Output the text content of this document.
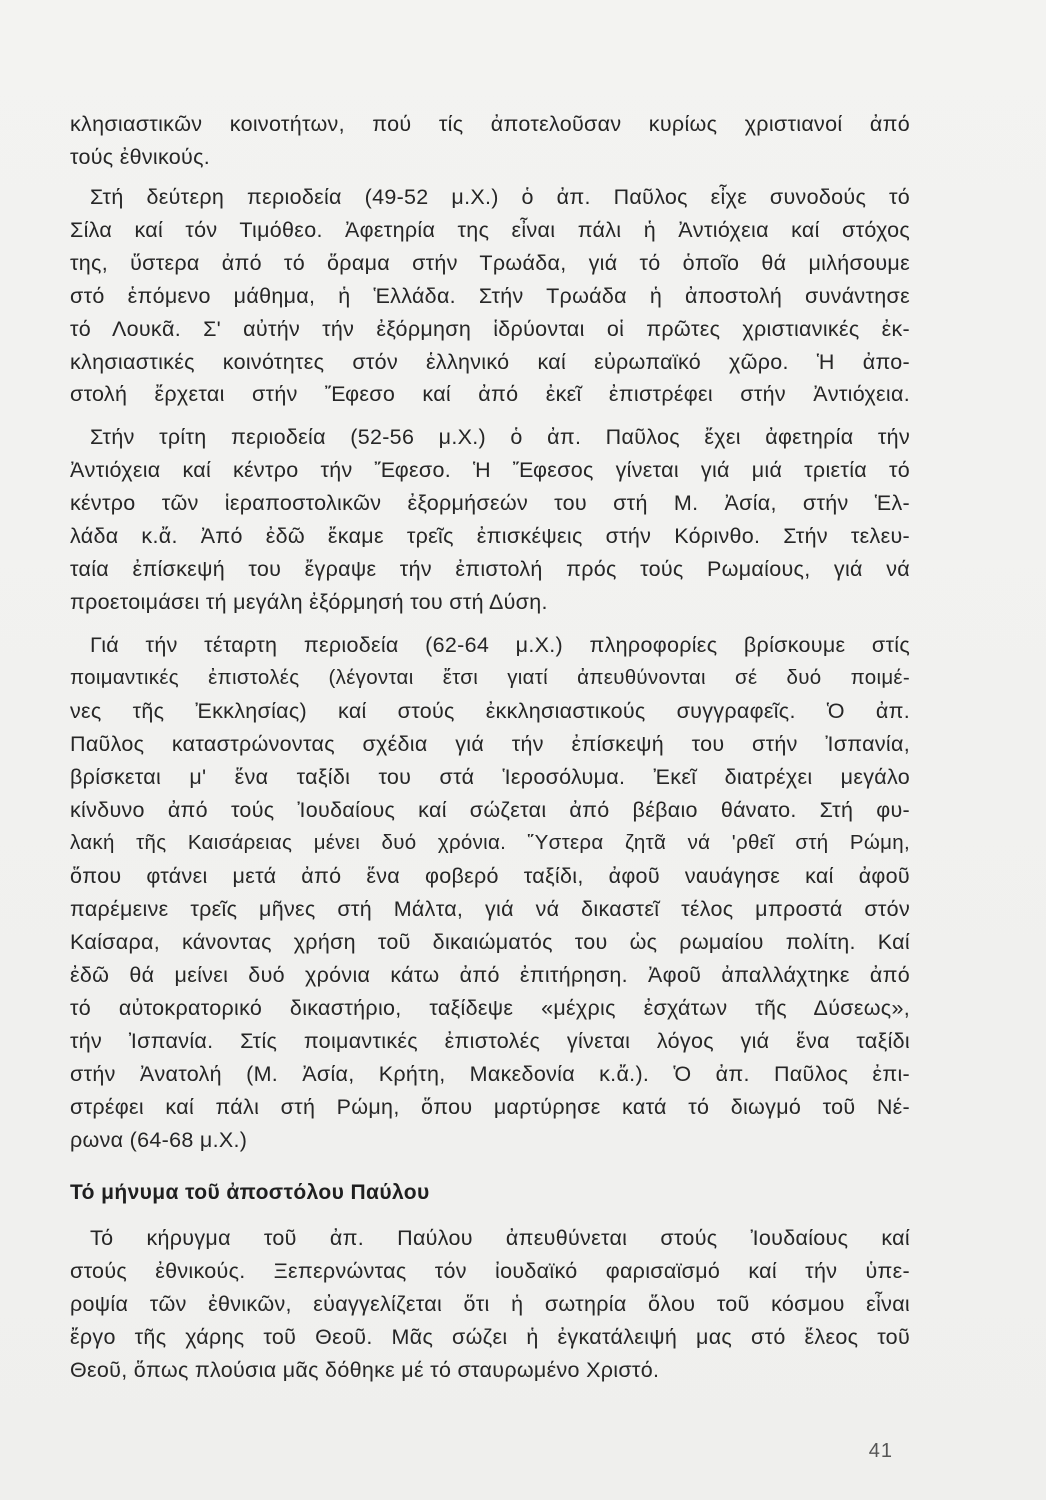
κλησιαστικῶν κοινοτήτων, πού τίς ἀποτελοῦσαν κυρίως χριστιανοί ἀπό
τούς ἐθνικούς.
Στή δεύτερη περιοδεία (49-52 μ.Χ.) ὁ ἀπ. Παῦλος εἶχε συνοδούς τό
Σίλα καί τόν Τιμόθεο. Ἀφετηρία της εἶναι πάλι ἡ Ἀντιόχεια καί στόχος
της, ὕστερα ἀπό τό ὅραμα στήν Τρωάδα, γιά τό ὁποῖο θά μιλήσουμε
στό ἑπόμενο μάθημα, ἡ Ἑλλάδα. Στήν Τρωάδα ἡ ἀποστολή συνάντησε
τό Λουκᾶ. Σ' αὐτήν τήν ἐξόρμηση ἱδρύονται οἱ πρῶτες χριστιανικές ἐκ-
κλησιαστικές κοινότητες στόν ἑλληνικό καί εὐρωπαϊκό χῶρο. Ἡ ἀπο-
στολή ἔρχεται στήν Ἔφεσο καί ἀπό ἐκεῖ ἐπιστρέφει στήν Ἀντιόχεια.
Στήν τρίτη περιοδεία (52-56 μ.Χ.) ὁ ἀπ. Παῦλος ἔχει ἀφετηρία τήν
Ἀντιόχεια καί κέντρο τήν Ἔφεσο. Ἡ Ἔφεσος γίνεται γιά μιά τριετία τό
κέντρο τῶν ἱεραποστολικῶν ἐξορμήσεών του στή Μ. Ἀσία, στήν Ἑλ-
λάδα κ.ἄ. Ἀπό ἐδῶ ἔκαμε τρεῖς ἐπισκέψεις στήν Κόρινθο. Στήν τελευ-
ταία ἐπίσκεψή του ἔγραψε τήν ἐπιστολή πρός τούς Ρωμαίους, γιά νά
προετοιμάσει τή μεγάλη ἐξόρμησή του στή Δύση.
Γιά τήν τέταρτη περιοδεία (62-64 μ.Χ.) πληροφορίες βρίσκουμε στίς
ποιμαντικές ἐπιστολές (λέγονται ἔτσι γιατί ἀπευθύνονται σέ δυό ποιμέ-
νες τῆς Ἐκκλησίας) καί στούς ἐκκλησιαστικούς συγγραφεῖς. Ὁ ἀπ.
Παῦλος καταστρώνοντας σχέδια γιά τήν ἐπίσκεψή του στήν Ἰσπανία,
βρίσκεται μ' ἕνα ταξίδι του στά Ἱεροσόλυμα. Ἐκεῖ διατρέχει μεγάλο
κίνδυνο ἀπό τούς Ἰουδαίους καί σώζεται ἀπό βέβαιο θάνατο. Στή φυ-
λακή τῆς Καισάρειας μένει δυό χρόνια. Ὕστερα ζητᾶ νά 'ρθεῖ στή Ρώμη,
ὅπου φτάνει μετά ἀπό ἕνα φοβερό ταξίδι, ἀφοῦ ναυάγησε καί ἀφοῦ
παρέμεινε τρεῖς μῆνες στή Μάλτα, γιά νά δικαστεῖ τέλος μπροστά στόν
Καίσαρα, κάνοντας χρήση τοῦ δικαιώματός του ὡς ρωμαίου πολίτη. Καί
ἐδῶ θά μείνει δυό χρόνια κάτω ἀπό ἐπιτήρηση. Ἀφοῦ ἀπαλλάχτηκε ἀπό
τό αὐτοκρατορικό δικαστήριο, ταξίδεψε «μέχρις ἐσχάτων τῆς Δύσεως»,
τήν Ἰσπανία. Στίς ποιμαντικές ἐπιστολές γίνεται λόγος γιά ἕνα ταξίδι
στήν Ἀνατολή (Μ. Ἀσία, Κρήτη, Μακεδονία κ.ἄ.). Ὁ ἀπ. Παῦλος ἐπι-
στρέφει καί πάλι στή Ρώμη, ὅπου μαρτύρησε κατά τό διωγμό τοῦ Νέ-
ρωνα (64-68 μ.Χ.)
Τό μήνυμα τοῦ ἀποστόλου Παύλου
Τό κήρυγμα τοῦ ἀπ. Παύλου ἀπευθύνεται στούς Ἰουδαίους καί
στούς ἐθνικούς. Ξεπερνώντας τόν ἰουδαϊκό φαρισαϊσμό καί τήν ὑπε-
ροψία τῶν ἐθνικῶν, εὐαγγελίζεται ὅτι ἡ σωτηρία ὅλου τοῦ κόσμου εἶναι
ἔργο τῆς χάρης τοῦ Θεοῦ. Μᾶς σώζει ἡ ἐγκατάλειψή μας στό ἔλεος τοῦ
Θεοῦ, ὅπως πλούσια μᾶς δόθηκε μέ τό σταυρωμένο Χριστό.
41
